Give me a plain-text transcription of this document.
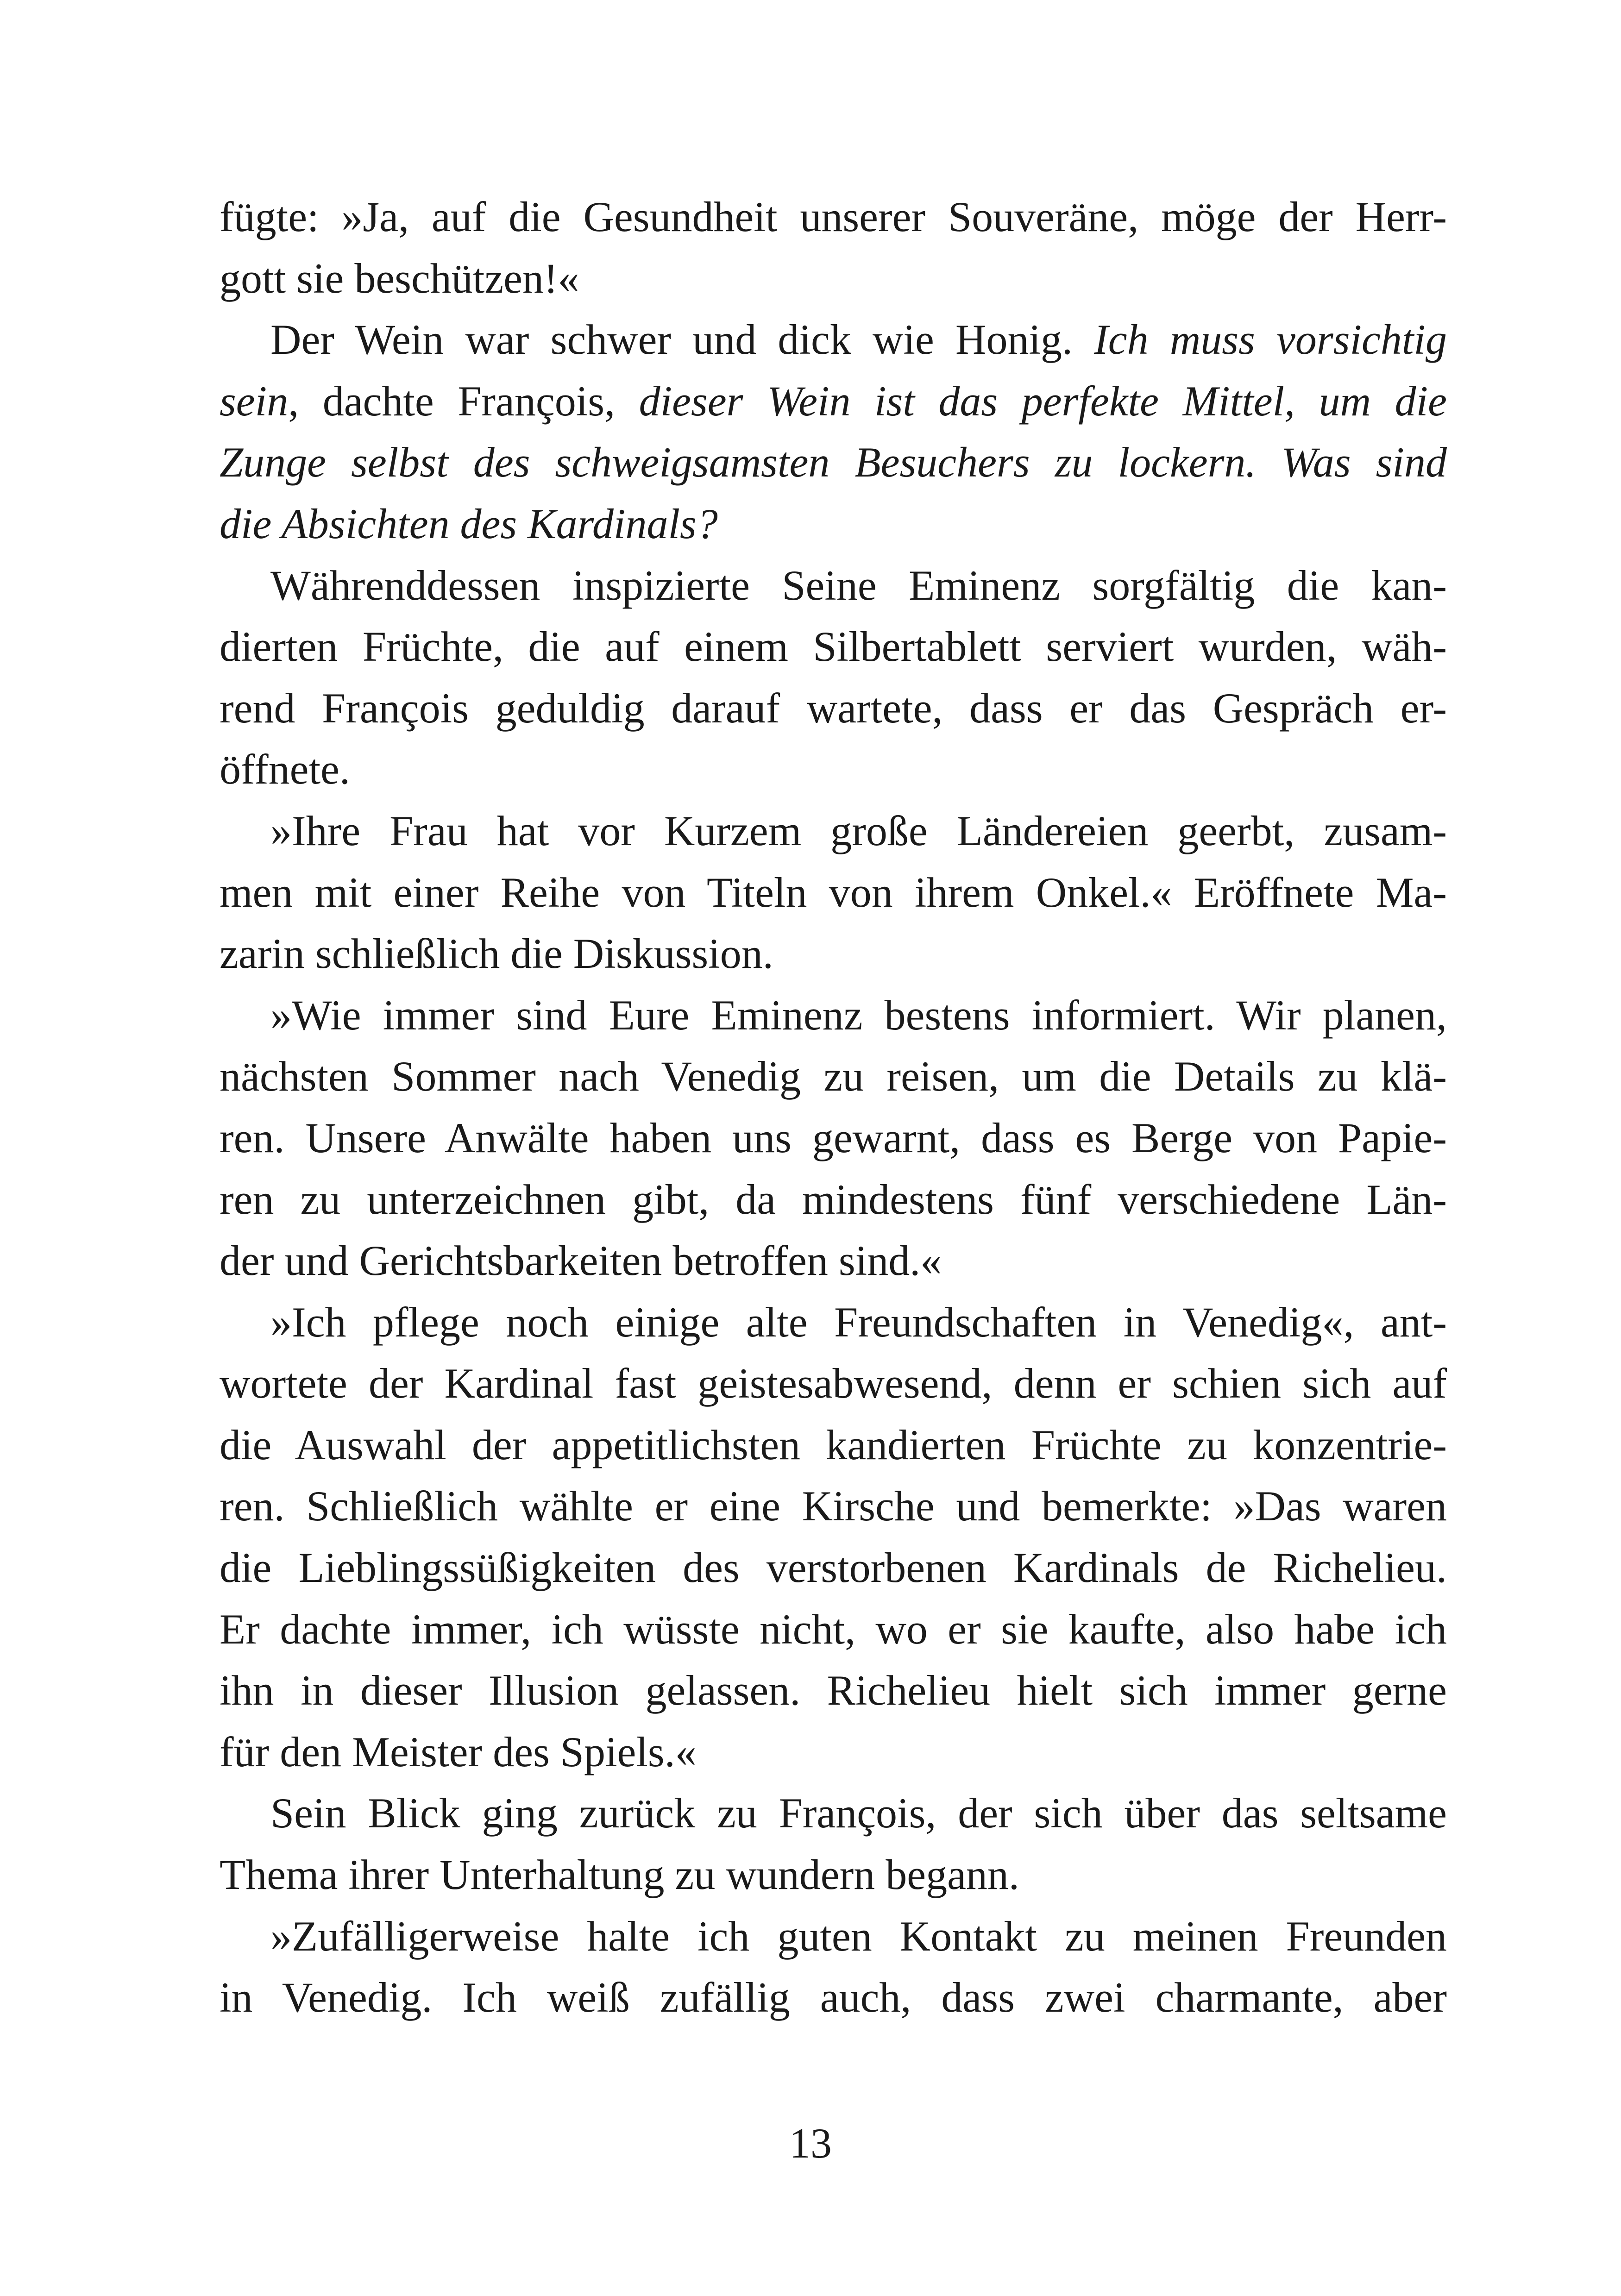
fügte: »Ja, auf die Gesundheit unserer Souveräne, möge der Herr-
gott sie beschützen!«
Der Wein war schwer und dick wie Honig. Ich muss vorsichtig
sein, dachte François, dieser Wein ist das perfekte Mittel, um die
Zunge selbst des schweigsamsten Besuchers zu lockern. Was sind
die Absichten des Kardinals?
Währenddessen inspizierte Seine Eminenz sorgfältig die kan-
dierten Früchte, die auf einem Silbertablett serviert wurden, wäh-
rend François geduldig darauf wartete, dass er das Gespräch er-
öffnete.
»Ihre Frau hat vor Kurzem große Ländereien geerbt, zusam-
men mit einer Reihe von Titeln von ihrem Onkel.« Eröffnete Ma-
zarin schließlich die Diskussion.
»Wie immer sind Eure Eminenz bestens informiert. Wir planen,
nächsten Sommer nach Venedig zu reisen, um die Details zu klä-
ren. Unsere Anwälte haben uns gewarnt, dass es Berge von Papie-
ren zu unterzeichnen gibt, da mindestens fünf verschiedene Län-
der und Gerichtsbarkeiten betroffen sind.«
»Ich pflege noch einige alte Freundschaften in Venedig«, ant-
wortete der Kardinal fast geistesabwesend, denn er schien sich auf
die Auswahl der appetitlichsten kandierten Früchte zu konzentrie-
ren. Schließlich wählte er eine Kirsche und bemerkte: »Das waren
die Lieblingssüßigkeiten des verstorbenen Kardinals de Richelieu.
Er dachte immer, ich wüsste nicht, wo er sie kaufte, also habe ich
ihn in dieser Illusion gelassen. Richelieu hielt sich immer gerne
für den Meister des Spiels.«
Sein Blick ging zurück zu François, der sich über das seltsame
Thema ihrer Unterhaltung zu wundern begann.
»Zufälligerweise halte ich guten Kontakt zu meinen Freunden
in Venedig. Ich weiß zufällig auch, dass zwei charmante, aber
13
